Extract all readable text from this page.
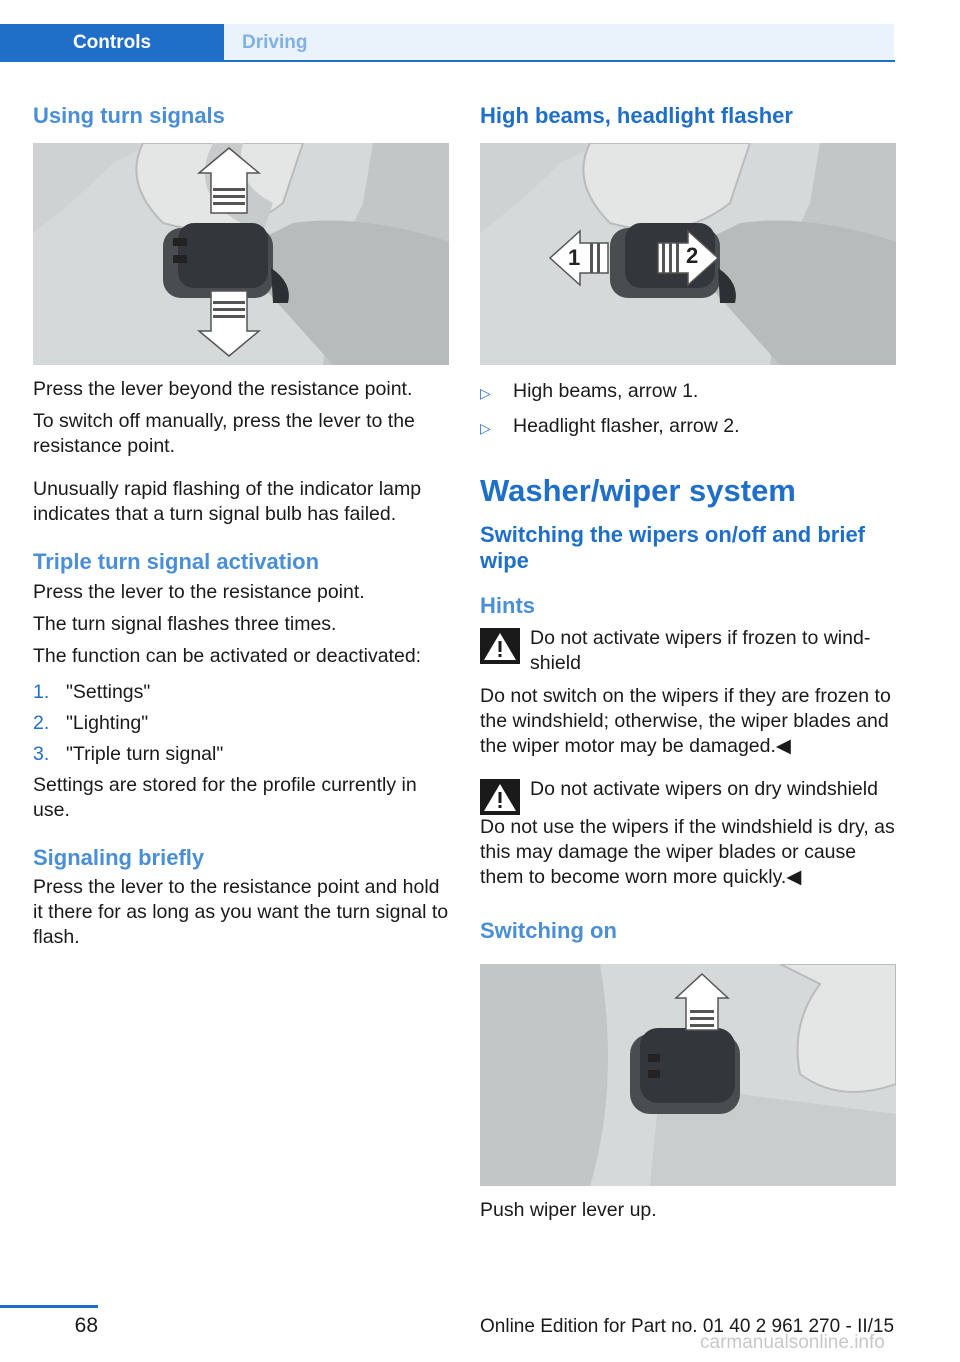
Controls	Driving
Using turn signals

Press the lever beyond the resistance point.

To switch off manually, press the lever to the resistance point.

Unusually rapid flashing of the indicator lamp indicates that a turn signal bulb has failed.

Triple turn signal activation

Press the lever to the resistance point.

The turn signal flashes three times.

The function can be activated or deactivated:

1. "Settings"
2. "Lighting"
3. "Triple turn signal"

Settings are stored for the profile currently in use.

Signaling briefly

Press the lever to the resistance point and hold it there for as long as you want the turn signal to flash.

High beams, headlight flasher
1	2
▷	High beams, arrow 1.
▷	Headlight flasher, arrow 2.
Washer/wiper system
Switching the wipers on/off and brief wipe
Hints
Do not activate wipers if frozen to wind-shield

Do not switch on the wipers if they are frozen to the windshield; otherwise, the wiper blades and the wiper motor may be damaged.◀

Do not activate wipers on dry windshield

Do not use the wipers if the windshield is dry, as this may damage the wiper blades or cause them to become worn more quickly.◀

Switching on

Push wiper lever up.

68	Online Edition for Part no. 01 40 2 961 270 - II/15
carmanualsonline.info
